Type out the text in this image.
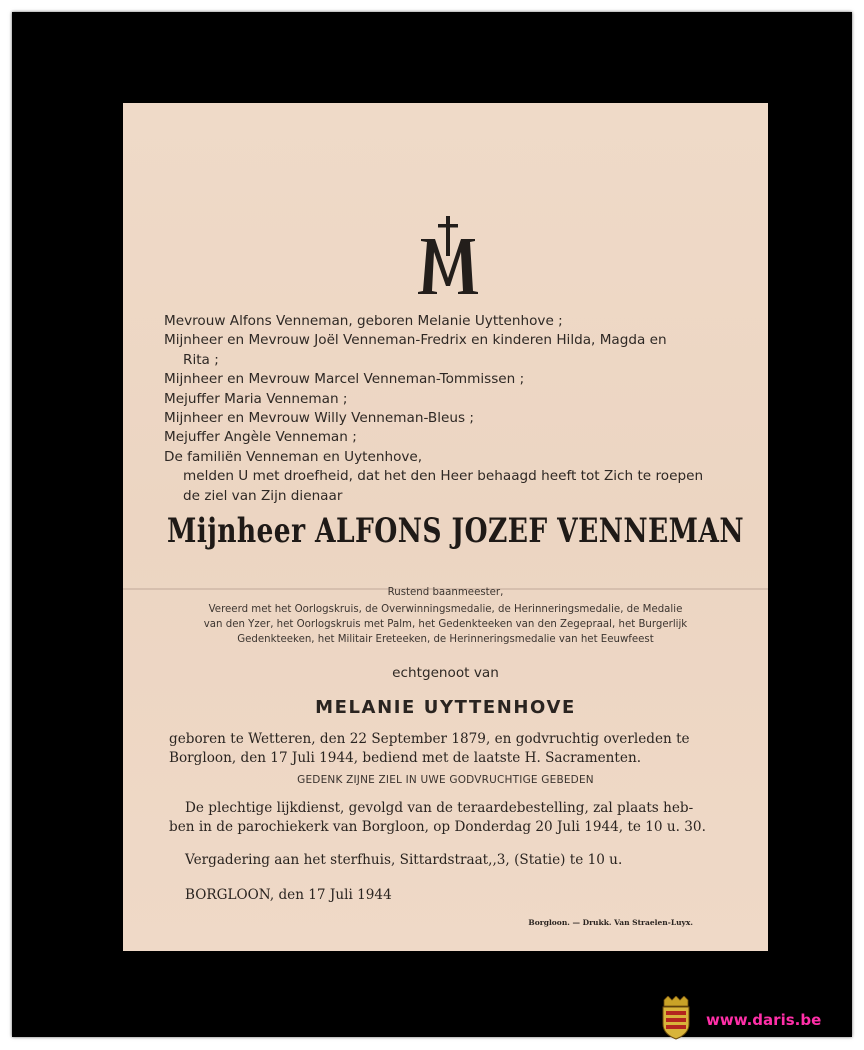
Mevrouw Alfons Venneman, geboren Melanie Uyttenhove ;
Mijnheer en Mevrouw Joël Venneman-Fredrix en kinderen Hilda, Magda en
Rita ;
Mijnheer en Mevrouw Marcel Venneman-Tommissen ;
Mejuffer Maria Venneman ;
Mijnheer en Mevrouw Willy Venneman-Bleus ;
Mejuffer Angèle Venneman ;
De familiën Venneman en Uytenhove,
melden U met droefheid, dat het den Heer behaagd heeft tot Zich te roepen
de ziel van Zijn dienaar
Mijnheer ALFONS JOZEF VENNEMAN
Rustend baanmeester,
Vereerd met het Oorlogskruis, de Overwinningsmedalie, de Herinneringsmedalie, de Medalie
van den Yzer, het Oorlogskruis met Palm, het Gedenkteeken van den Zegepraal, het Burgerlijk
Gedenkteeken, het Militair Ereteeken, de Herinneringsmedalie van het Eeuwfeest
echtgenoot van
MELANIE UYTTENHOVE
geboren te Wetteren, den 22 September 1879, en godvruchtig overleden te
Borgloon, den 17 Juli 1944, bediend met de laatste H. Sacramenten.
GEDENK ZIJNE ZIEL IN UWE GODVRUCHTIGE GEBEDEN
De plechtige lijkdienst, gevolgd van de teraardebestelling, zal plaats heb-
ben in de parochiekerk van Borgloon, op Donderdag 20 Juli 1944, te 10 u. 30.
Vergadering aan het sterfhuis, Sittardstraat,,3, (Statie) te 10 u.
BORGLOON, den 17 Juli 1944
Borgloon. — Drukk. Van Straelen-Luyx.
www.daris.be
